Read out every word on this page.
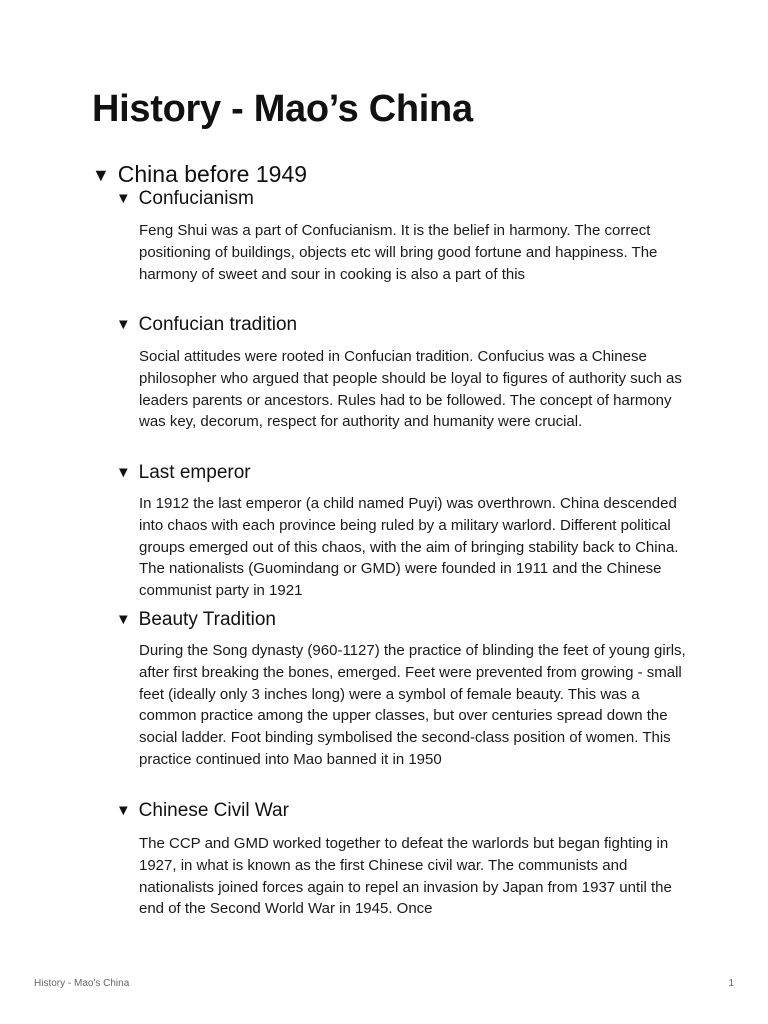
History - Mao’s China
▼ China before 1949
▼ Confucianism

Feng Shui was a part of Confucianism. It is the belief in harmony. The correct positioning of buildings, objects etc will bring good fortune and happiness. The harmony of sweet and sour in cooking is also a part of this

▼ Confucian tradition

Social attitudes were rooted in Confucian tradition. Confucius was a Chinese philosopher who argued that people should be loyal to figures of authority such as leaders parents or ancestors. Rules had to be followed. The concept of harmony was key, decorum, respect for authority and humanity were crucial.

▼ Last emperor

In 1912 the last emperor (a child named Puyi) was overthrown. China descended into chaos with each province being ruled by a military warlord. Different political groups emerged out of this chaos, with the aim of bringing stability back to China. The nationalists (Guomindang or GMD) were founded in 1911 and the Chinese communist party in 1921

▼ Beauty Tradition

During the Song dynasty (960-1127) the practice of blinding the feet of young girls, after first breaking the bones, emerged. Feet were prevented from growing - small feet (ideally only 3 inches long) were a symbol of female beauty. This was a common practice among the upper classes, but over centuries spread down the social ladder. Foot binding symbolised the second-class position of women. This practice continued into Mao banned it in 1950

▼ Chinese Civil War

The CCP and GMD worked together to defeat the warlords but began fighting in 1927, in what is known as the first Chinese civil war. The communists and nationalists joined forces again to repel an invasion by Japan from 1937 until the end of the Second World War in 1945. Once

History - Mao's China	1
